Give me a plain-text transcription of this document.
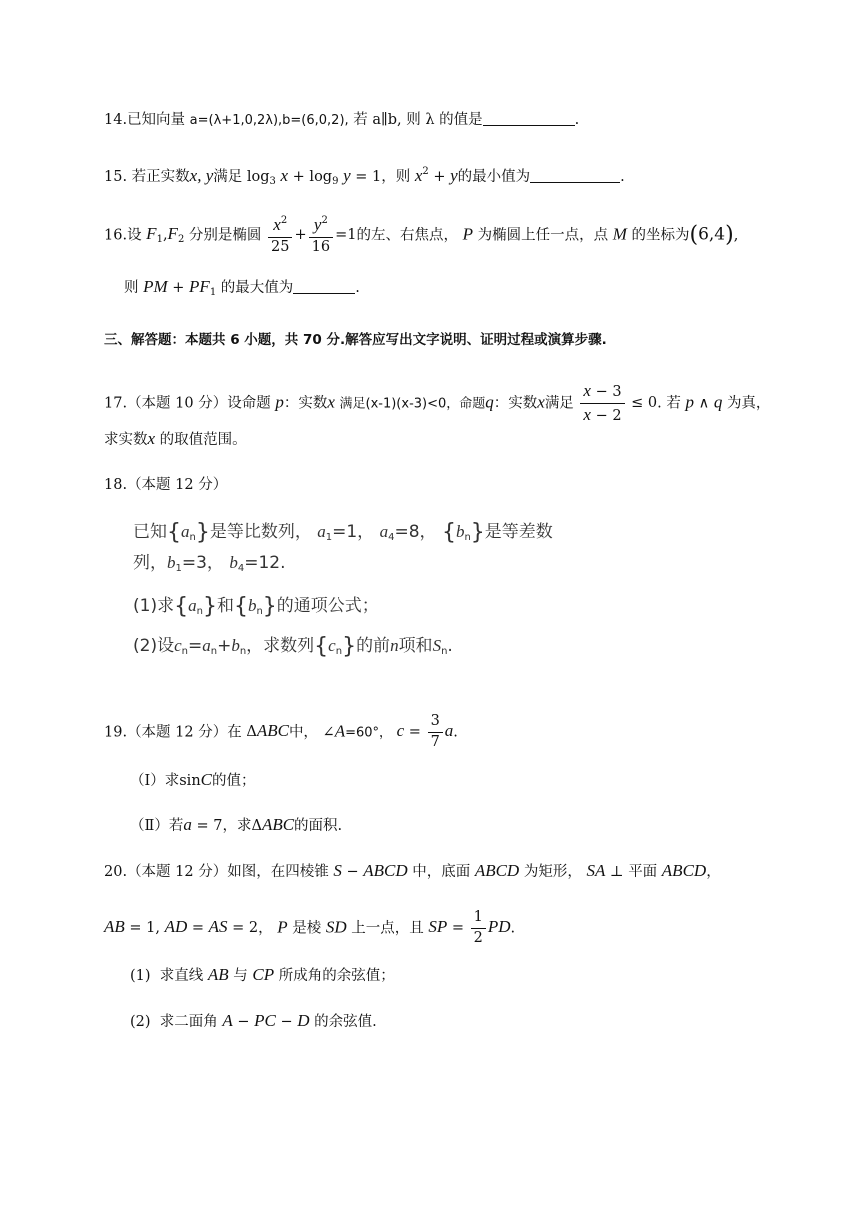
14.已知向量 a=(λ+1,0,2λ),b=(6,0,2), 若 a∥b, 则 λ 的值是	.
15. 若正实数x, y满足 $\log_3 x + \log_9 y = 1$，则 $x^2 + y$的最小值为	.
16.设 $F_1,F_2$ 分别是椭圆 $\frac{x^2}{25} + \frac{y^2}{16} =1$的左、右焦点， P 为椭圆上任一点，点 M 的坐标为(6,4),
则 PM + $PF_1$ 的最大值为	.
三、解答题：本题共 6 小题，共 70 分.解答应写出文字说明、证明过程或演算步骤.
17.（本题 10 分）设命题 p：实数x 满足(x-1)(x-3)<0，命题q：实数x满足 $\frac{x - 3}{x - 2} \le 0$. 若 p ∧ q 为真，
求实数x 的取值范围。
18.（本题 12 分）
已知$\{a_n\}$是等比数列， $a_1=1$， $a_4=8$， $\{b_n\}$是等差数
列，$b_1=3$， $b_4=12$.
(1)求$\{a_n\}$和$\{b_n\}$的通项公式；
(2)设$c_n=a_n+b_n$，求数列$\{c_n\}$的前n项和$S_n$.
19.（本题 12 分）在 ΔABC中， ∠A=60°， $c = \frac{3}{7} a$.
（Ⅰ）求sinC的值；
（Ⅱ）若a = 7，求ΔABC的面积.
20.（本题 12 分）如图，在四棱锥 S − ABCD 中，底面 ABCD 为矩形， SA ⊥ 平面 ABCD，
AB = 1, AD = AS = 2， P 是棱 SD 上一点，且 SP = $\frac{1}{2}$ PD.
(1) 求直线 AB 与 CP 所成角的余弦值；
(2) 求二面角 A − PC − D 的余弦值.
